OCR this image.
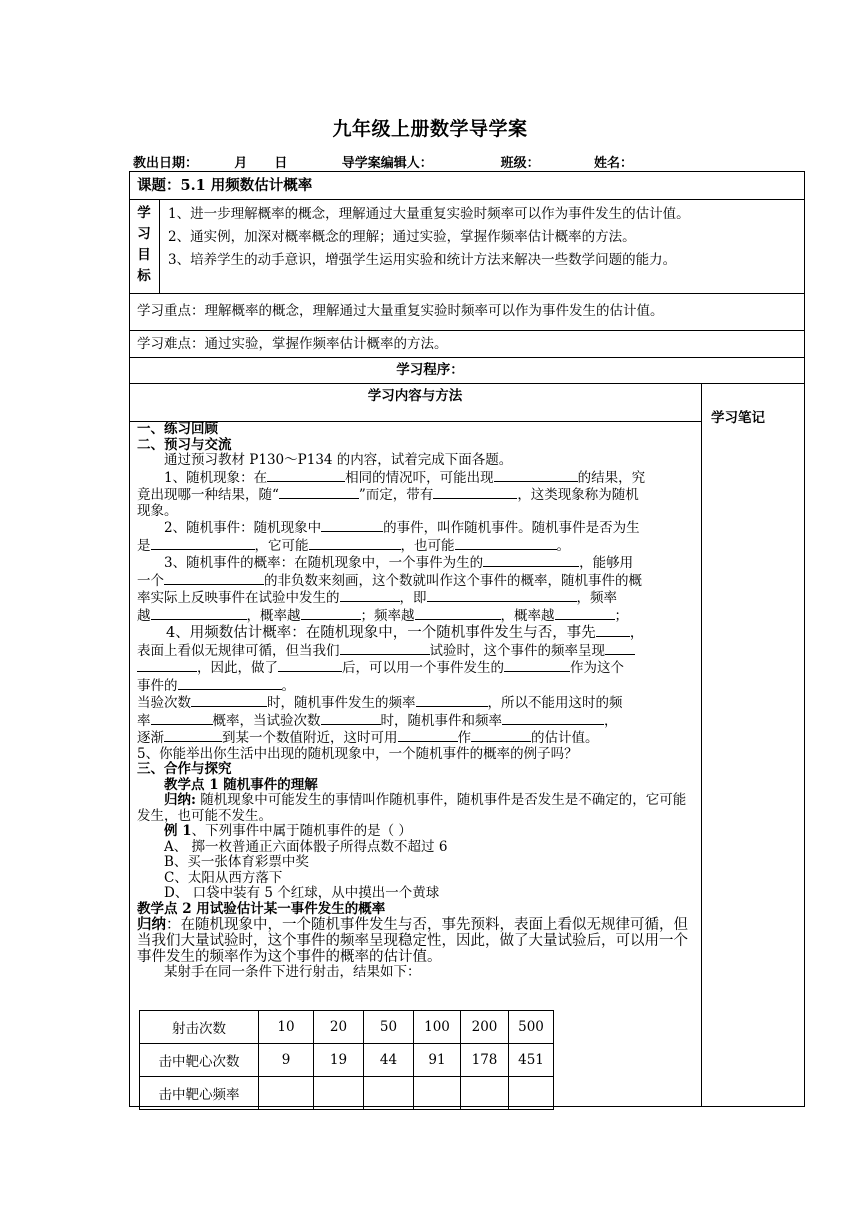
九年级上册数学导学案
教出日期：	月 日	导学案编辑人：	班级：	姓名：
课题：5.1 用频数估计概率
学
习
目
标
1、进一步理解概率的概念，理解通过大量重复实验时频率可以作为事件发生的估计值。
2、通实例，加深对概率概念的理解；通过实验，掌握作频率估计概率的方法。
3、培养学生的动手意识，增强学生运用实验和统计方法来解决一些数学问题的能力。
学习重点：理解概率的概念，理解通过大量重复实验时频率可以作为事件发生的估计值。
学习难点：通过实验，掌握作频率估计概率的方法。
学习程序：
学习内容与方法
学习笔记

一、练习回顾

二、预习与交流

通过预习教材 P130～P134 的内容，试着完成下面各题。

1、随机现象：在	相同的情况吓，可能出现	的结果，究

竟出现哪一种结果，随“	”而定，带有	，这类现象称为随机

现象。

2、随机事件：随机现象中	的事件，叫作随机事件。随机事件是否为生

是	，它可能	，也可能	。

3、随机事件的概率：在随机现象中，一个事件为生的	，能够用

一个	的非负数来刻画，这个数就叫作这个事件的概率，随机事件的概

率实际上反映事件在试验中发生的	，即	，频率

越	，概率越	；频率越	，概率越	；

4、用频数估计概率：在随机现象中，一个随机事件发生与否，事先 ，

表面上看似无规律可循，但当我们	试验时，这个事件的频率呈现

，因此，做了	后，可以用一个事件发生的	作为这个

事件的	。

当验次数	时，随机事件发生的频率	，所以不能用这时的频

率	概率，当试验次数	时，随机事件和频率	，

逐渐	到某一个数值附近，这时可用	作	的估计值。

5、你能举出你生活中出现的随机现象中，一个随机事件的概率的例子吗？

三、合作与探究

教学点 1 随机事件的理解

归纳: 随机现象中可能发生的事情叫作随机事件，随机事件是否发生是不确定的，它可能发生，也可能不发生。

例 1、下列事件中属于随机事件的是（ ）

A、 掷一枚普通正六面体骰子所得点数不超过 6

B、买一张体育彩票中奖

C、太阳从西方落下

D、 口袋中装有 5 个红球，从中摸出一个黄球

教学点 2 用试验估计某一事件发生的概率

归纳：在随机现象中，一个随机事件发生与否，事先预料，表面上看似无规律可循，但当我们大量试验时，这个事件的频率呈现稳定性，因此，做了大量试验后，可以用一个事件发生的频率作为这个事件的概率的估计值。

某射手在同一条件下进行射击，结果如下：

射击次数	10	20	50	100	200	500
击中靶心次数	9	19	44	91	178	451
击中靶心频率						
